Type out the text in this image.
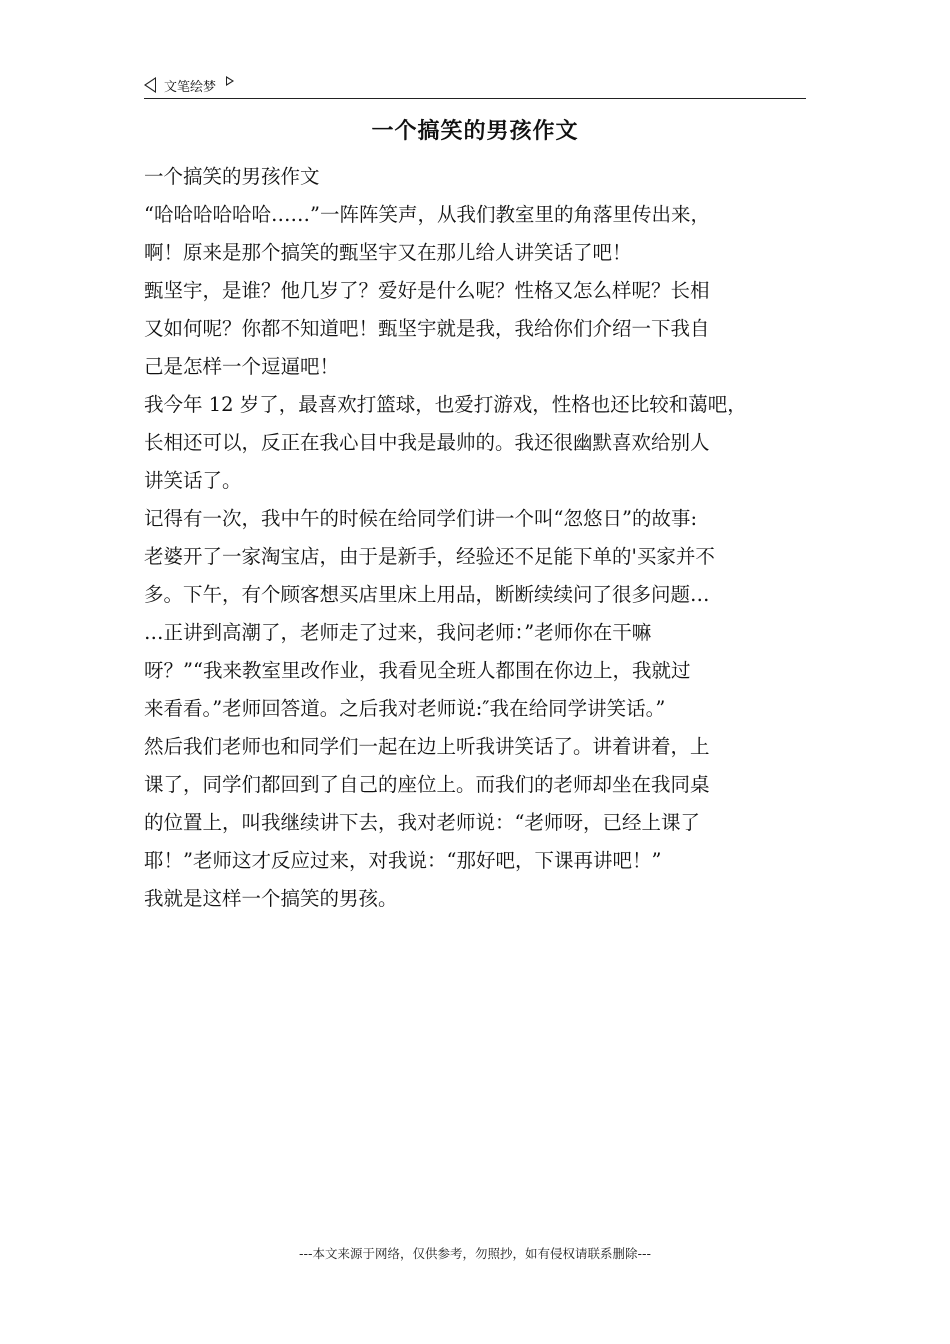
文笔绘梦
一个搞笑的男孩作文
一个搞笑的男孩作文
“哈哈哈哈哈哈……”一阵阵笑声，从我们教室里的角落里传出来，
啊！原来是那个搞笑的甄坚宇又在那儿给人讲笑话了吧！
甄坚宇，是谁？他几岁了？爱好是什么呢？性格又怎么样呢？长相
又如何呢？你都不知道吧！甄坚宇就是我，我给你们介绍一下我自
己是怎样一个逗逼吧！
我今年 12 岁了，最喜欢打篮球，也爱打游戏，性格也还比较和蔼吧，
长相还可以，反正在我心目中我是最帅的。我还很幽默喜欢给别人
讲笑话了。
记得有一次，我中午的时候在给同学们讲一个叫“忽悠日”的故事:
老婆开了一家淘宝店，由于是新手，经验还不足能下单的'买家并不
多。下午，有个顾客想买店里床上用品，断断续续问了很多问题…
…正讲到高潮了，老师走了过来，我问老师：”老师你在干嘛
呀？”“我来教室里改作业，我看见全班人都围在你边上，我就过
来看看。”老师回答道。之后我对老师说:″我在给同学讲笑话。”
然后我们老师也和同学们一起在边上听我讲笑话了。讲着讲着，上
课了，同学们都回到了自己的座位上。而我们的老师却坐在我同桌
的位置上，叫我继续讲下去，我对老师说：“老师呀，已经上课了
耶！”老师这才反应过来，对我说：“那好吧，下课再讲吧！”
我就是这样一个搞笑的男孩。
---本文来源于网络，仅供参考，勿照抄，如有侵权请联系删除---
